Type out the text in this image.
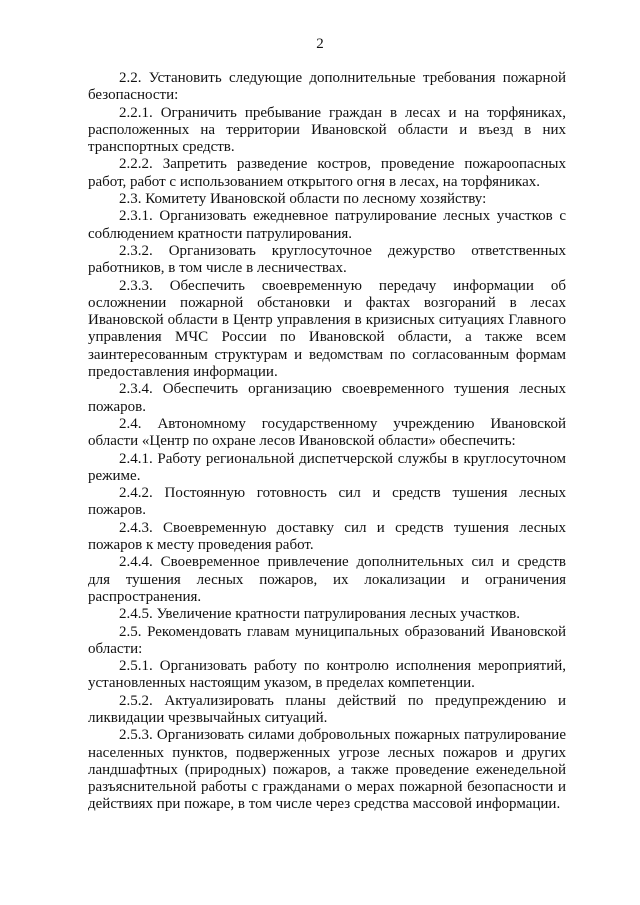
2

2.2. Установить следующие дополнительные требования пожарной безопасности:

2.2.1. Ограничить пребывание граждан в лесах и на торфяниках, расположенных на территории Ивановской области и въезд в них транспортных средств.

2.2.2. Запретить разведение костров, проведение пожароопасных работ, работ с использованием открытого огня в лесах, на торфяниках.

2.3. Комитету Ивановской области по лесному хозяйству:

2.3.1. Организовать ежедневное патрулирование лесных участков с соблюдением кратности патрулирования.

2.3.2. Организовать круглосуточное дежурство ответственных работников, в том числе в лесничествах.

2.3.3. Обеспечить своевременную передачу информации об осложнении пожарной обстановки и фактах возгораний в лесах Ивановской области в Центр управления в кризисных ситуациях Главного управления МЧС России по Ивановской области, а также всем заинтересованным структурам и ведомствам по согласованным формам предоставления информации.

2.3.4. Обеспечить организацию своевременного тушения лесных пожаров.

2.4. Автономному государственному учреждению Ивановской области «Центр по охране лесов Ивановской области» обеспечить:

2.4.1. Работу региональной диспетчерской службы в круглосуточном режиме.

2.4.2. Постоянную готовность сил и средств тушения лесных пожаров.

2.4.3. Своевременную доставку сил и средств тушения лесных пожаров к месту проведения работ.

2.4.4. Своевременное привлечение дополнительных сил и средств для тушения лесных пожаров, их локализации и ограничения распространения.

2.4.5. Увеличение кратности патрулирования лесных участков.

2.5. Рекомендовать главам муниципальных образований Ивановской области:

2.5.1. Организовать работу по контролю исполнения мероприятий, установленных настоящим указом, в пределах компетенции.

2.5.2. Актуализировать планы действий по предупреждению и ликвидации чрезвычайных ситуаций.

2.5.3. Организовать силами добровольных пожарных патрулирование населенных пунктов, подверженных угрозе лесных пожаров и других ландшафтных (природных) пожаров, а также проведение еженедельной разъяснительной работы с гражданами о мерах пожарной безопасности и действиях при пожаре, в том числе через средства массовой информации.
